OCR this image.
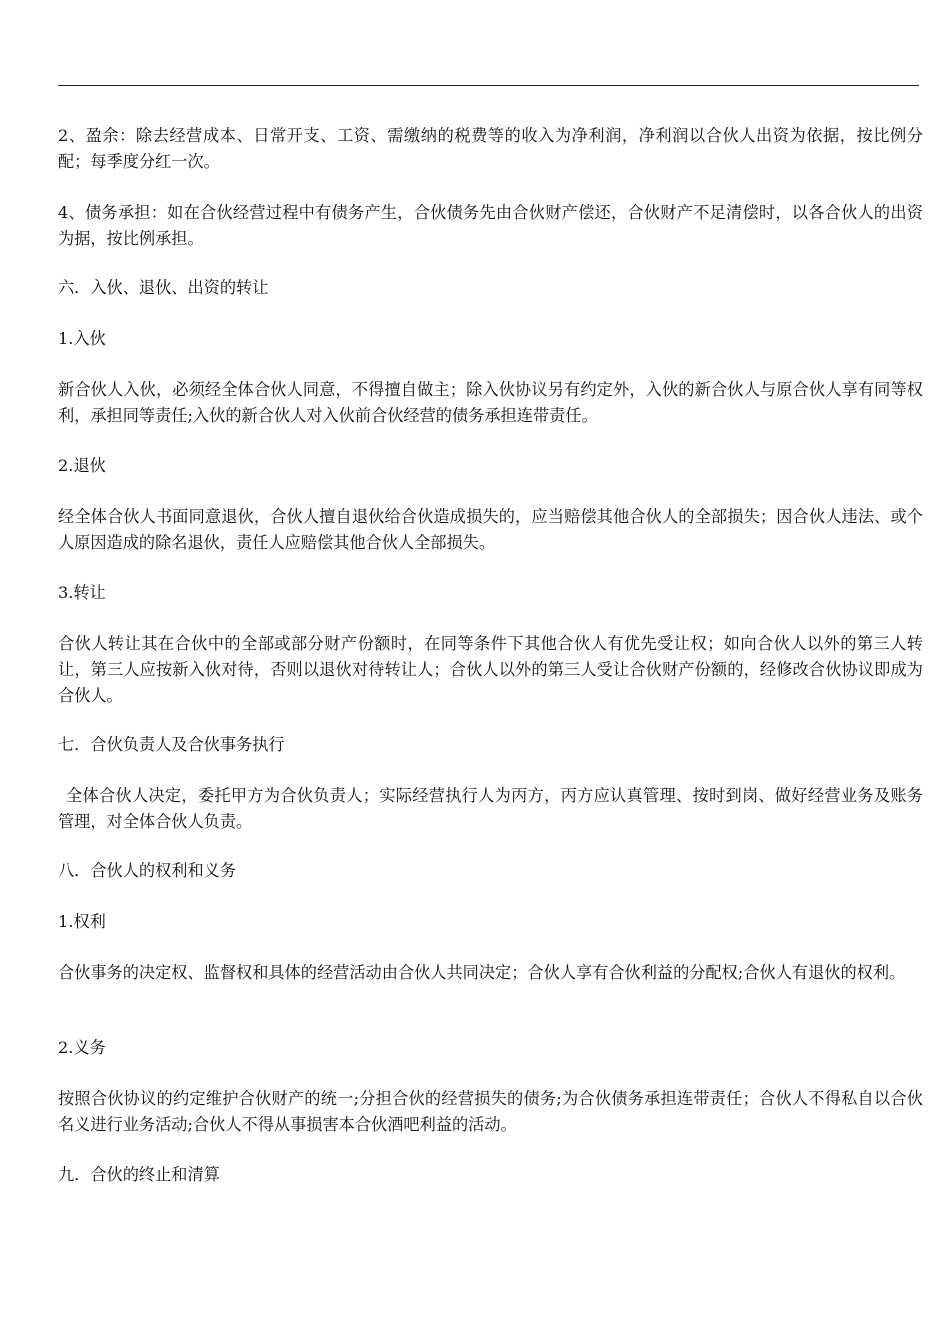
2、盈余：除去经营成本、日常开支、工资、需缴纳的税费等的收入为净利润，净利润以合伙人出资为依据，按比例分配；每季度分红一次。

4、债务承担：如在合伙经营过程中有债务产生，合伙债务先由合伙财产偿还，合伙财产不足清偿时，以各合伙人的出资为据，按比例承担。

六．入伙、退伙、出资的转让

1.入伙

新合伙人入伙，必须经全体合伙人同意，不得擅自做主；除入伙协议另有约定外，入伙的新合伙人与原合伙人享有同等权利，承担同等责任;入伙的新合伙人对入伙前合伙经营的债务承担连带责任。

2.退伙

经全体合伙人书面同意退伙，合伙人擅自退伙给合伙造成损失的，应当赔偿其他合伙人的全部损失；因合伙人违法、或个人原因造成的除名退伙，责任人应赔偿其他合伙人全部损失。

3.转让

合伙人转让其在合伙中的全部或部分财产份额时，在同等条件下其他合伙人有优先受让权；如向合伙人以外的第三人转让，第三人应按新入伙对待，否则以退伙对待转让人；合伙人以外的第三人受让合伙财产份额的，经修改合伙协议即成为合伙人。

七．合伙负责人及合伙事务执行

全体合伙人决定，委托甲方为合伙负责人；实际经营执行人为丙方，丙方应认真管理、按时到岗、做好经营业务及账务管理，对全体合伙人负责。

八．合伙人的权利和义务

1.权利

合伙事务的决定权、监督权和具体的经营活动由合伙人共同决定；合伙人享有合伙利益的分配权;合伙人有退伙的权利。

2.义务

按照合伙协议的约定维护合伙财产的统一;分担合伙的经营损失的债务;为合伙债务承担连带责任；合伙人不得私自以合伙名义进行业务活动;合伙人不得从事损害本合伙酒吧利益的活动。

九．合伙的终止和清算
